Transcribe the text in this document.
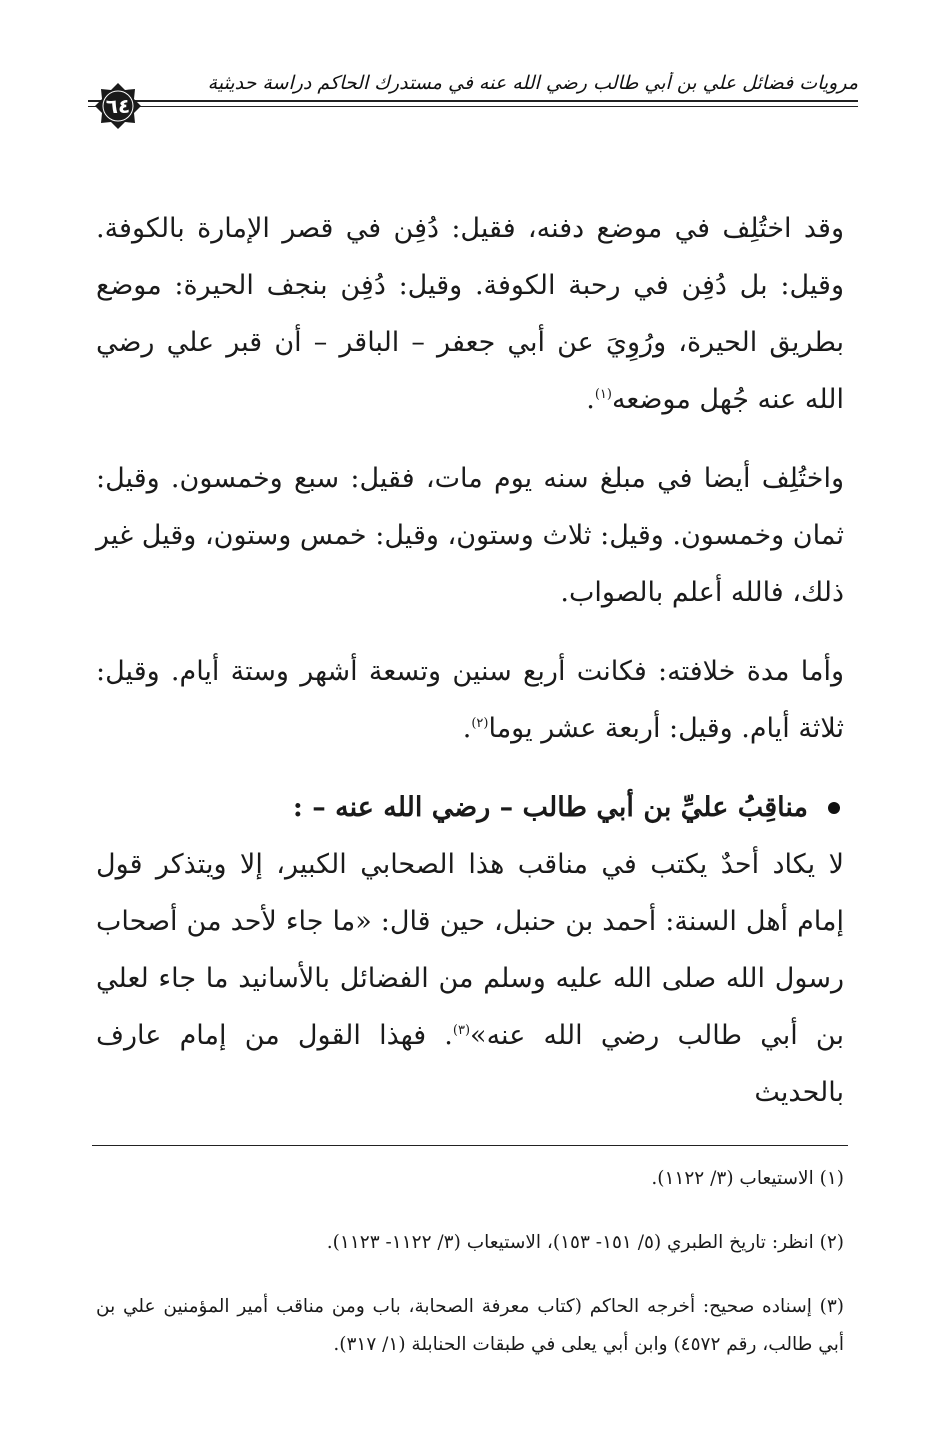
مرويات فضائل علي بن أبي طالب رضي الله عنه في مستدرك الحاكم دراسة حديثية
٦٤

وقد اختُلِف في موضع دفنه، فقيل: دُفِن في قصر الإمارة بالكوفة. وقيل: بل دُفِن في رحبة الكوفة. وقيل: دُفِن بنجف الحيرة: موضع بطريق الحيرة، ورُوِيَ عن أبي جعفر – الباقر – أن قبر علي رضي الله عنه جُهل موضعه$^{(١)}$.

واختُلِف أيضا في مبلغ سنه يوم مات، فقيل: سبع وخمسون. وقيل: ثمان وخمسون. وقيل: ثلاث وستون، وقيل: خمس وستون، وقيل غير ذلك، فالله أعلم بالصواب.

وأما مدة خلافته: فكانت أربع سنين وتسعة أشهر وستة أيام. وقيل: ثلاثة أيام. وقيل: أربعة عشر يوما$^{(٢)}$.

مناقِبُ عليِّ بن أبي طالب – رضي الله عنه – :

لا يكاد أحدٌ يكتب في مناقب هذا الصحابي الكبير، إلا ويتذكر قول إمام أهل السنة: أحمد بن حنبل، حين قال: «ما جاء لأحد من أصحاب رسول الله صلى الله عليه وسلم من الفضائل بالأسانيد ما جاء لعلي بن أبي طالب رضي الله عنه»$^{(٣)}$. فهذا القول من إمام عارف بالحديث

(١) الاستيعاب (٣/ ١١٢٢).
(٢) انظر: تاريخ الطبري (٥/ ١٥١- ١٥٣)، الاستيعاب (٣/ ١١٢٢- ١١٢٣).
(٣) إسناده صحيح: أخرجه الحاكم (كتاب معرفة الصحابة، باب ومن مناقب أمير المؤمنين علي بن أبي طالب، رقم ٤٥٧٢) وابن أبي يعلى في طبقات الحنابلة (١/ ٣١٧).
